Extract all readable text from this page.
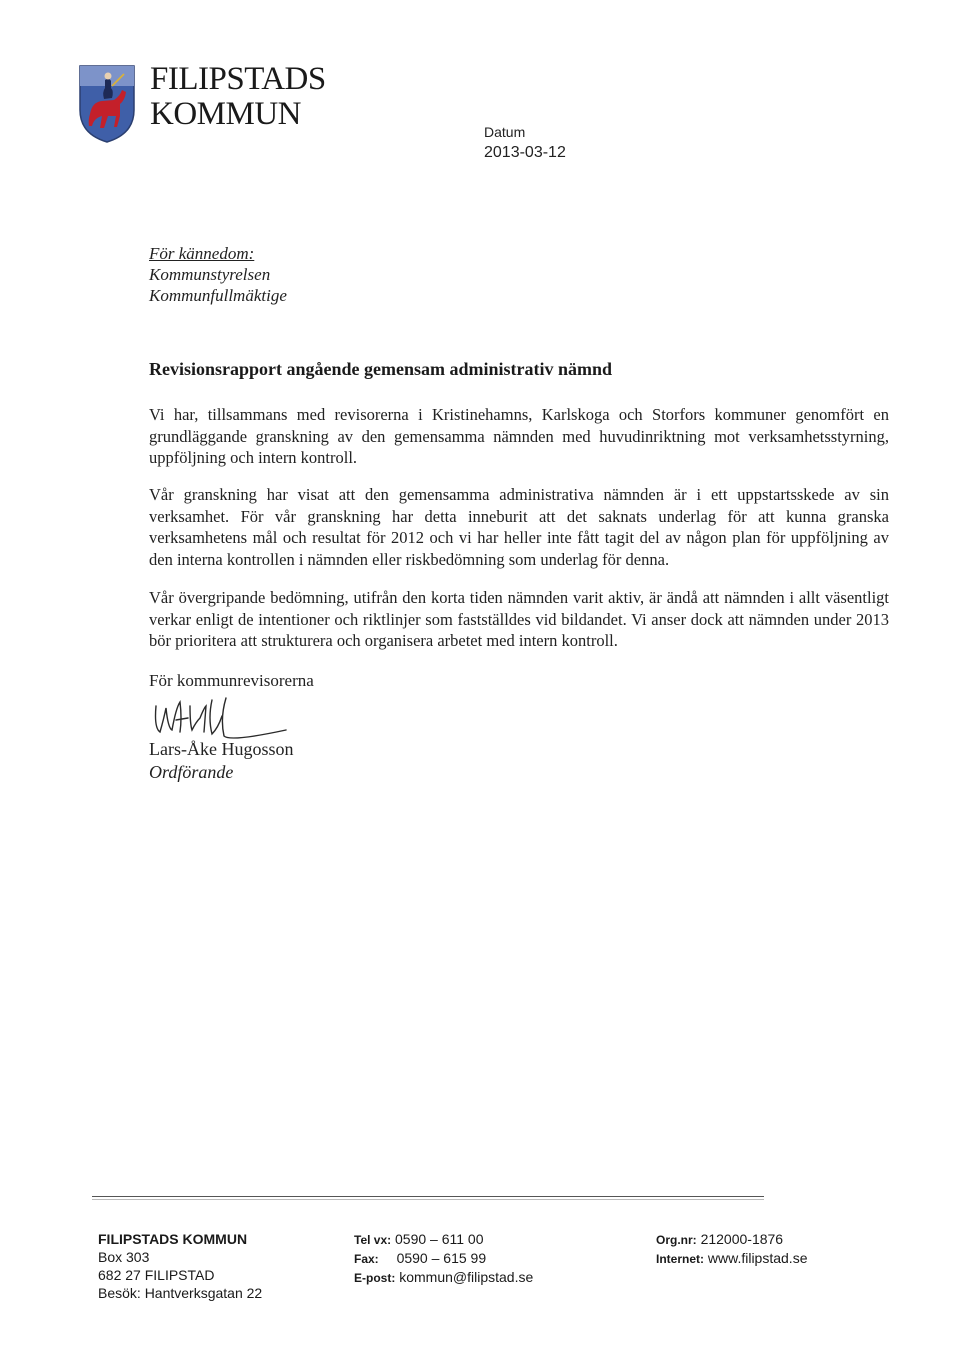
FILIPSTADS
KOMMUN	Datum
2013-03-12
För kännedom:
Kommunstyrelsen
Kommunfullmäktige
Revisionsrapport angående gemensam administrativ nämnd
Vi har, tillsammans med revisorerna i Kristinehamns, Karlskoga och Storfors kommuner genomfört en grundläggande granskning av den gemensamma nämnden med huvudinriktning mot verksamhetsstyrning, uppföljning och intern kontroll.
Vår granskning har visat att den gemensamma administrativa nämnden är i ett uppstartsskede av sin verksamhet. För vår granskning har detta inneburit att det saknats underlag för att kunna granska verksamhetens mål och resultat för 2012 och vi har heller inte fått tagit del av någon plan för uppföljning av den interna kontrollen i nämnden eller riskbedömning som underlag för denna.
Vår övergripande bedömning, utifrån den korta tiden nämnden varit aktiv, är ändå att nämnden i allt väsentligt verkar enligt de intentioner och riktlinjer som fastställdes vid bildandet. Vi anser dock att nämnden under 2013 bör prioritera att strukturera och organisera arbetet med intern kontroll.
För kommunrevisorerna
Lars-Åke Hugosson
Ordförande
FILIPSTADS KOMMUN
Box 303
682 27 FILIPSTAD
Besök: Hantverksgatan 22
Tel vx: 0590 – 611 00
Fax: 0590 – 615 99
E-post: kommun@filipstad.se
Org.nr: 212000-1876
Internet: www.filipstad.se
